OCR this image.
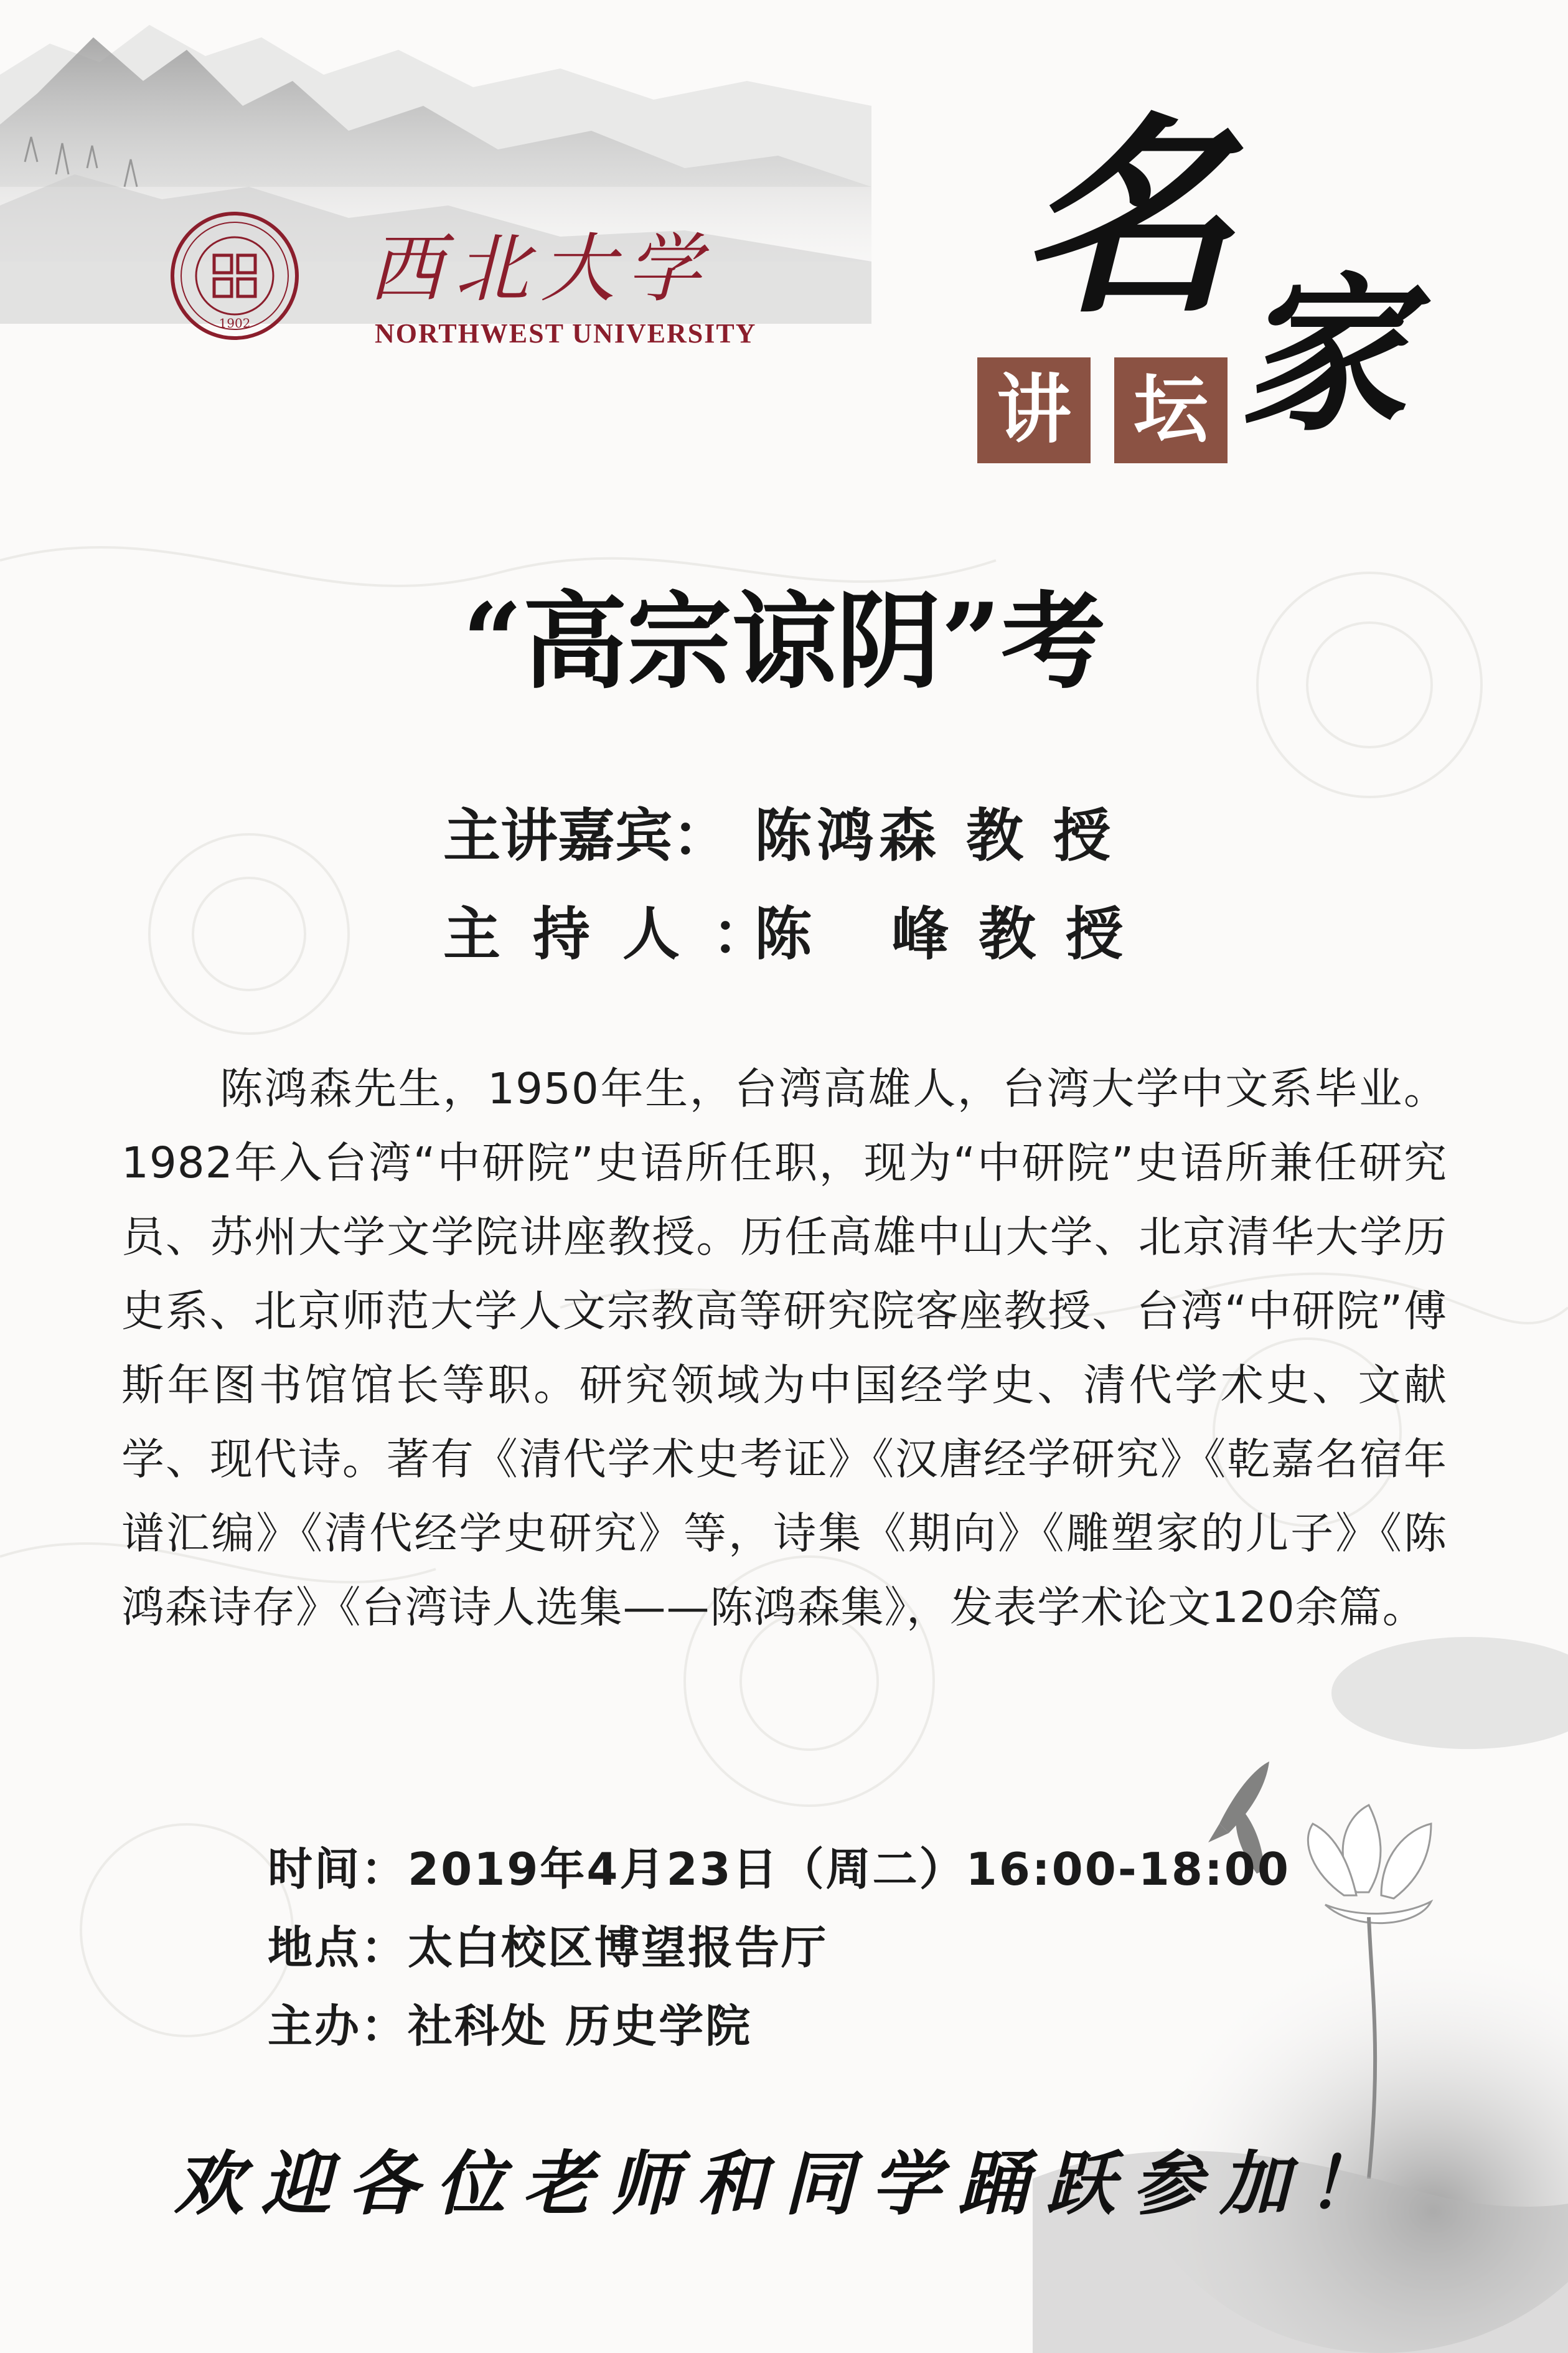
1902
西北大学
NORTHWEST UNIVERSITY 名
家
讲 坛
“高宗谅阴”考
主讲嘉宾： 陈鸿森 教 授
主持人：陈   峰 教 授
陈鸿森先生，1950年生，台湾高雄人，台湾大学中文系毕业。1982年入台湾“中研院”史语所任职，现为“中研院”史语所兼任研究员、苏州大学文学院讲座教授。历任高雄中山大学、北京清华大学历史系、北京师范大学人文宗教高等研究院客座教授、台湾“中研院”傅斯年图书馆馆长等职。研究领域为中国经学史、清代学术史、文献学、现代诗。著有《清代学术史考证》《汉唐经学研究》《乾嘉名宿年谱汇编》《清代经学史研究》等，诗集《期向》《雕塑家的儿子》《陈鸿森诗存》《台湾诗人选集——陈鸿森集》，发表学术论文120余篇。
时间：2019年4月23日（周二）16:00-18:00
地点：太白校区博望报告厅
主办：社科处 历史学院
欢迎各位老师和同学踊跃参加！
